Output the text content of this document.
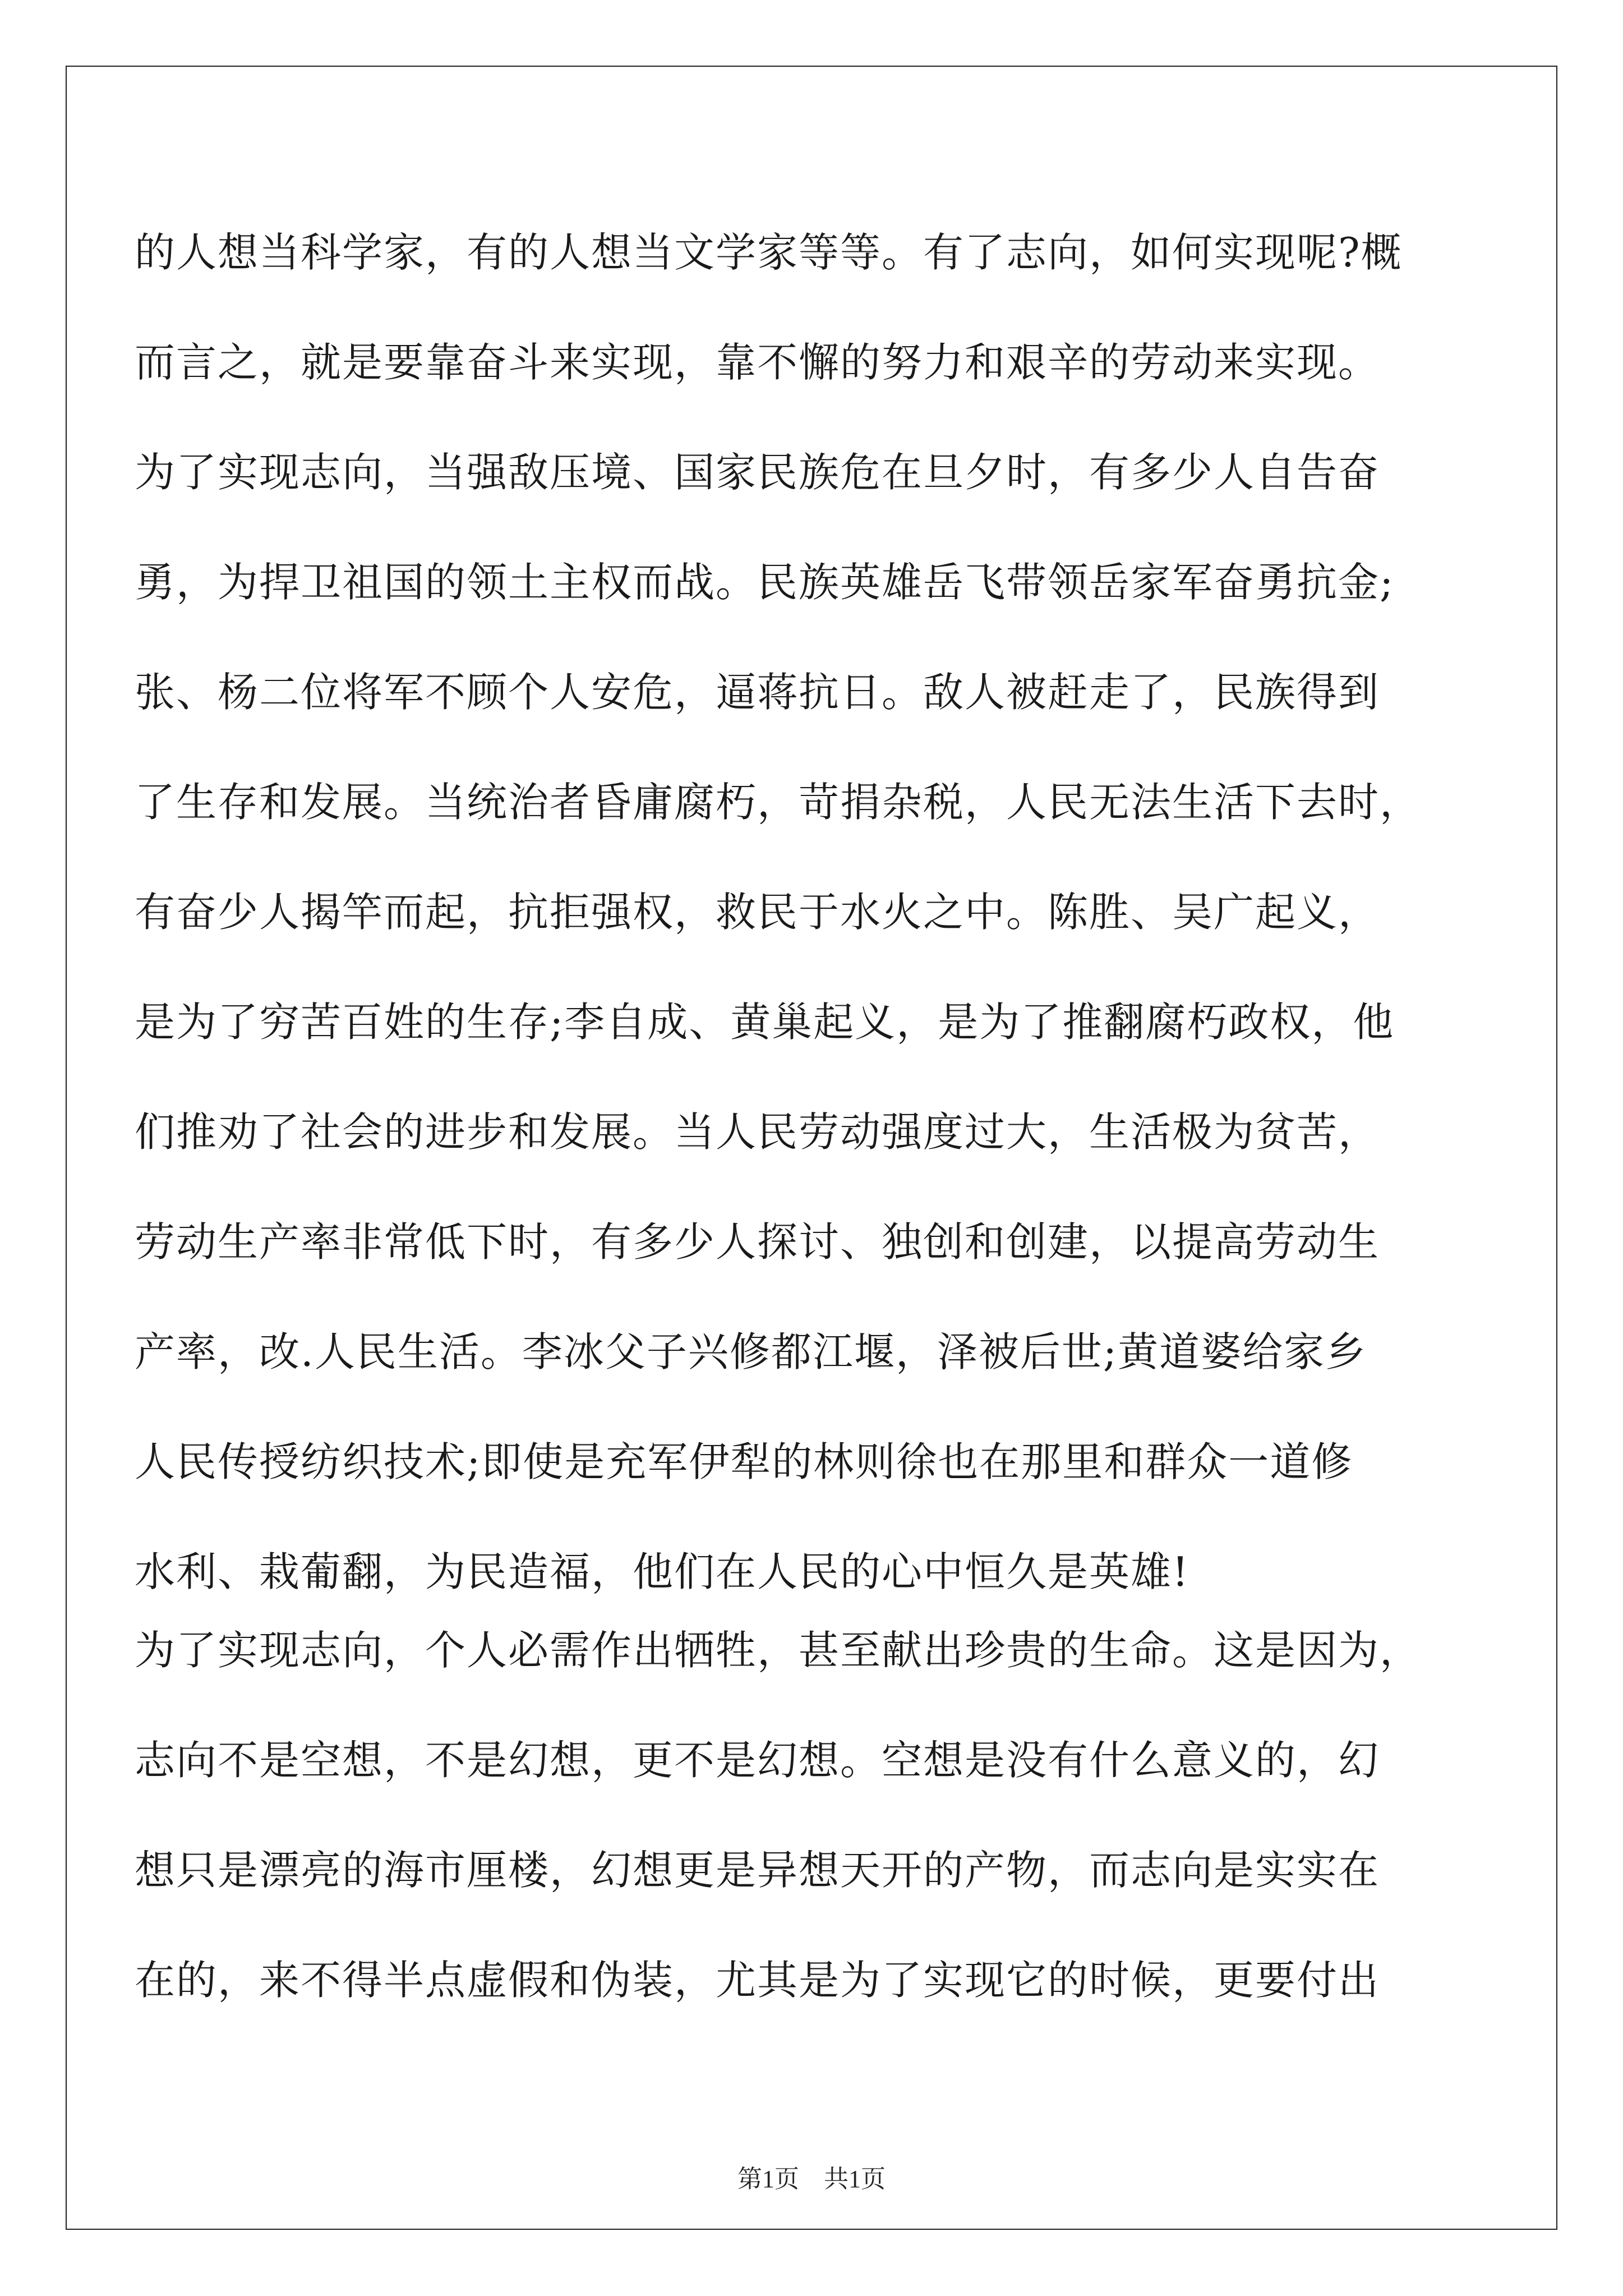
的人想当科学家，有的人想当文学家等等。有了志向，如何实现呢?概
而言之，就是要靠奋斗来实现，靠不懈的努力和艰辛的劳动来实现。
为了实现志向，当强敌压境、国家民族危在旦夕时，有多少人自告奋
勇，为捍卫祖国的领土主权而战。民族英雄岳飞带领岳家军奋勇抗金;
张、杨二位将军不顾个人安危，逼蒋抗日。敌人被赶走了，民族得到
了生存和发展。当统治者昏庸腐朽，苛捐杂税，人民无法生活下去时，
有奋少人揭竿而起，抗拒强权，救民于水火之中。陈胜、吴广起义，
是为了穷苦百姓的生存;李自成、黄巢起义，是为了推翻腐朽政权，他
们推劝了社会的进步和发展。当人民劳动强度过大，生活极为贫苦，
劳动生产率非常低下时，有多少人探讨、独创和创建，以提高劳动生
产率，改.人民生活。李冰父子兴修都江堰，泽被后世;黄道婆给家乡
人民传授纺织技术;即使是充军伊犁的林则徐也在那里和群众一道修
水利、栽葡翻，为民造福，他们在人民的心中恒久是英雄!
为了实现志向，个人必需作出牺牲，甚至献出珍贵的生命。这是因为，
志向不是空想，不是幻想，更不是幻想。空想是没有什么意义的，幻
想只是漂亮的海市厘楼，幻想更是异想天开的产物，而志向是实实在
在的，来不得半点虚假和伪装，尤其是为了实现它的时候，更要付出
第1页　共1页
